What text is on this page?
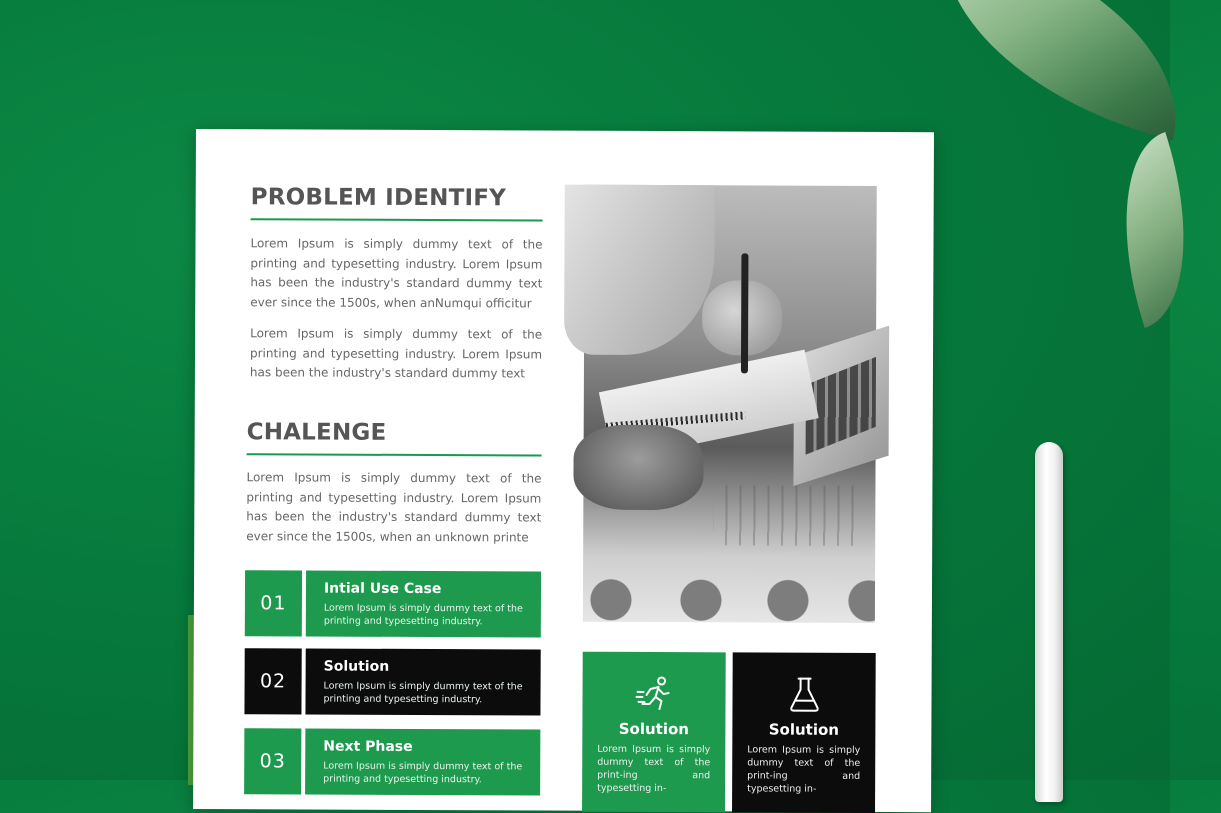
PROBLEM IDENTIFY

Lorem Ipsum is simply dummy text of the printing and typesetting industry. Lorem Ipsum has been the industry's standard dummy text ever since the 1500s, when anNumqui officitur

Lorem Ipsum is simply dummy text of the printing and typesetting industry. Lorem Ipsum has been the industry's standard dummy text

CHALENGE

Lorem Ipsum is simply dummy text of the printing and typesetting industry. Lorem Ipsum has been the industry's standard dummy text ever since the 1500s, when an unknown printe

01
Intial Use Case
Lorem Ipsum is simply dummy text of the printing and typesetting industry.
02
Solution
Lorem Ipsum is simply dummy text of the printing and typesetting industry.
03
Next Phase
Lorem Ipsum is simply dummy text of the printing and typesetting industry.
Solution
Lorem Ipsum is simply dummy text of the print-ing and typesetting in-
Solution
Lorem Ipsum is simply dummy text of the print-ing and typesetting in-
